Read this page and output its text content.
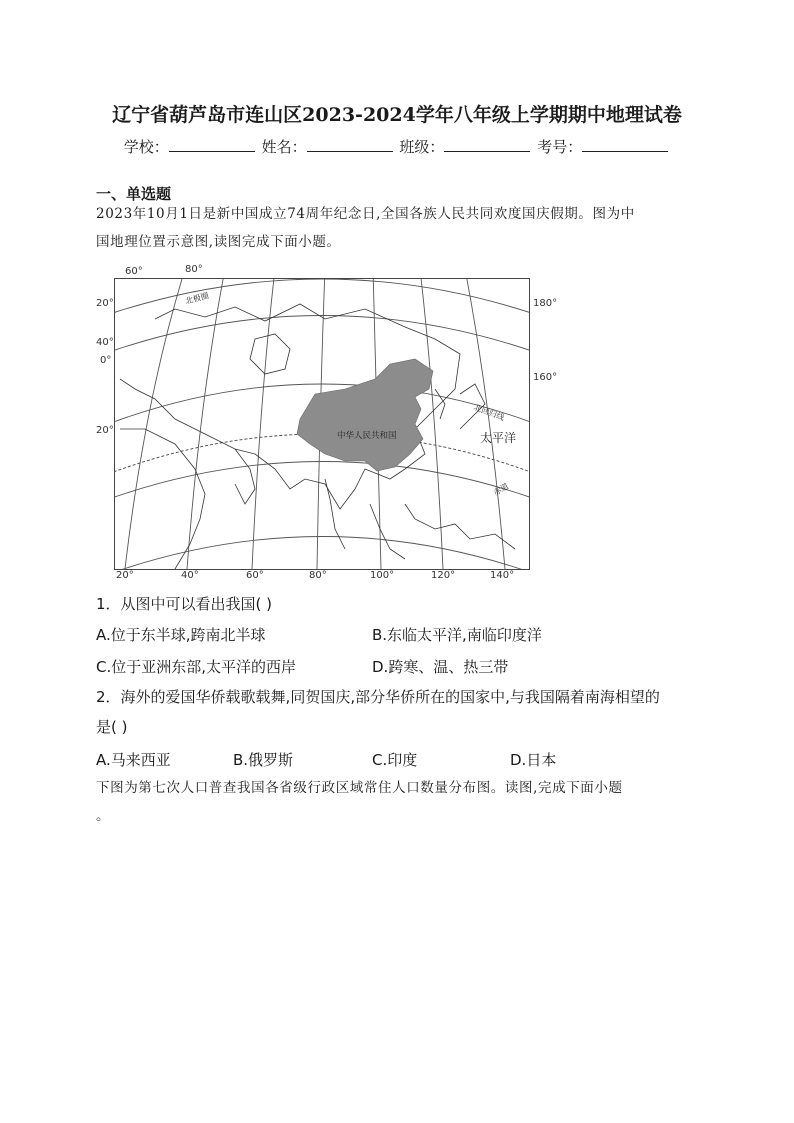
辽宁省葫芦岛市连山区2023-2024学年八年级上学期期中地理试卷
学校：	姓名：	班级：	考号：
一、单选题
2023年10月1日是新中国成立74周年纪念日,全国各族人民共同欢度国庆假期。图为中
国地理位置示意图,读图完成下面小题。
60°	80°
20°
40°
0°
20°
180°
160°
20°	40°	60°	80°	100°	120°	140°
中华人民共和国	太平洋
北回归线
赤道
北极圈
1．从图中可以看出我国( )
A.位于东半球,跨南北半球	B.东临太平洋,南临印度洋
C.位于亚洲东部,太平洋的西岸	D.跨寒、温、热三带
2．海外的爱国华侨载歌载舞,同贺国庆,部分华侨所在的国家中,与我国隔着南海相望的
是( )
A.马来西亚	B.俄罗斯	C.印度	D.日本
下图为第七次人口普查我国各省级行政区域常住人口数量分布图。读图,完成下面小题
。
